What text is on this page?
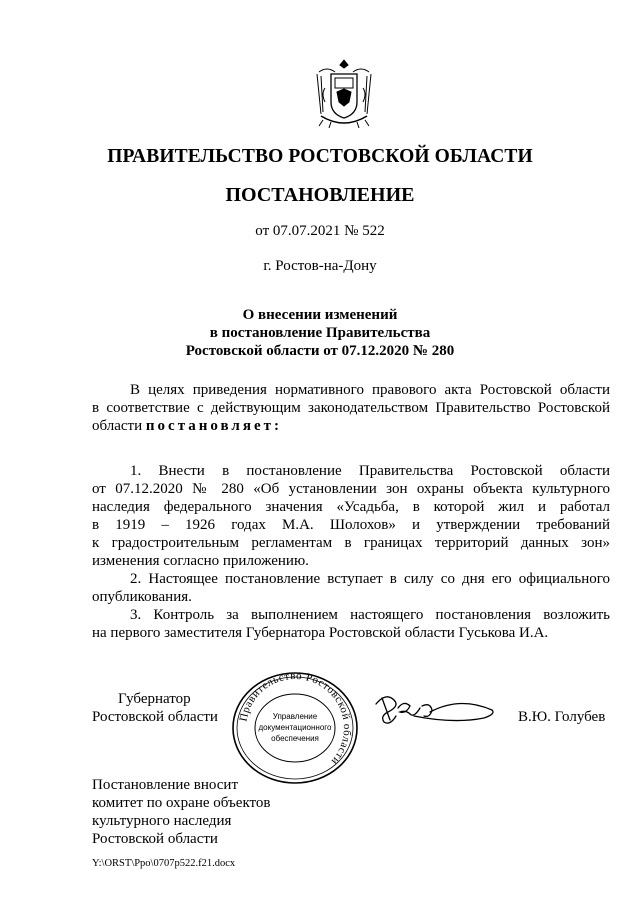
ПРАВИТЕЛЬСТВО РОСТОВСКОЙ ОБЛАСТИ
ПОСТАНОВЛЕНИЕ
от 07.07.2021 № 522
г. Ростов-на-Дону
О внесении изменений
в постановление Правительства
Ростовской области от 07.12.2020 № 280
В целях приведения нормативного правового акта Ростовской области
в соответствие с действующим законодательством Правительство Ростовской
области постановляет:
1. Внести в постановление Правительства Ростовской области
от 07.12.2020 № 280 «Об установлении зон охраны объекта культурного
наследия федерального значения «Усадьба, в которой жил и работал
в 1919 – 1926 годах М.А. Шолохов» и утверждении требований
к градостроительным регламентам в границах территорий данных зон»
изменения согласно приложению.
2. Настоящее постановление вступает в силу со дня его официального
опубликования.
3. Контроль за выполнением настоящего постановления возложить
на первого заместителя Губернатора Ростовской области Гуськова И.А.
Губернатор
Ростовской области Правительство Ростовской области
Управление
документационного
обеспечения
В.Ю. Голубев
Постановление вносит
комитет по охране объектов
культурного наследия
Ростовской области
Y:\ORST\Ppo\0707p522.f21.docx
